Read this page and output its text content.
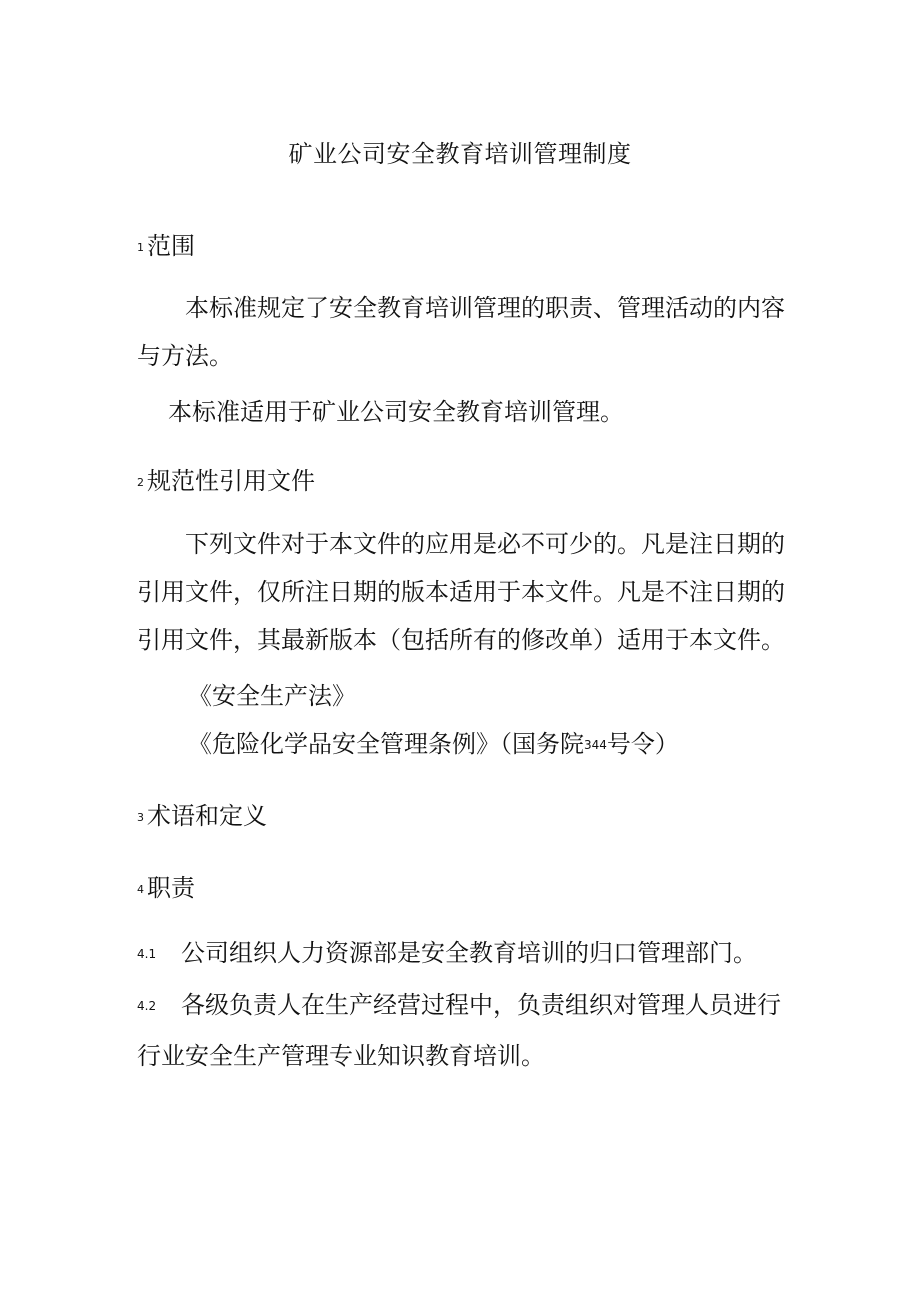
矿业公司安全教育培训管理制度
1 范围

本标准规定了安全教育培训管理的职责、管理活动的内容与方法。

本标准适用于矿业公司安全教育培训管理。
2 规范性引用文件

下列文件对于本文件的应用是必不可少的。凡是注日期的引用文件，仅所注日期的版本适用于本文件。凡是不注日期的引用文件，其最新版本（包括所有的修改单）适用于本文件。

《安全生产法》
《危险化学品安全管理条例》（国务院344号令）
3 术语和定义
4 职责

4.1 公司组织人力资源部是安全教育培训的归口管理部门。

4.2 各级负责人在生产经营过程中，负责组织对管理人员进行行业安全生产管理专业知识教育培训。
